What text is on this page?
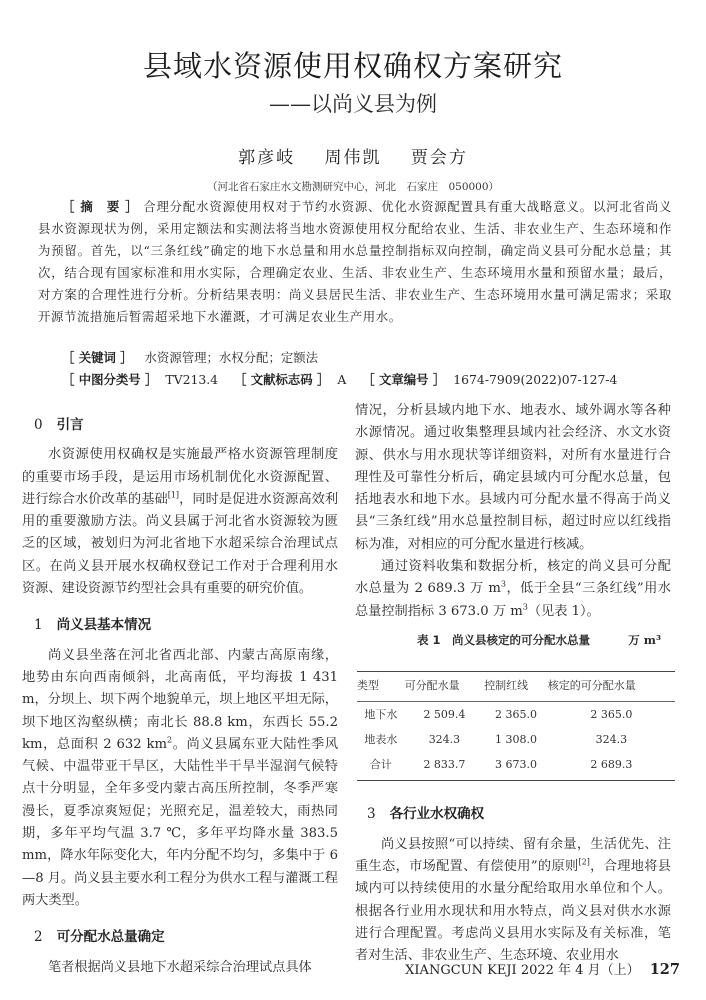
县域水资源使用权确权方案研究
——以尚义县为例
郭彦岐 周伟凯 贾会方
（河北省石家庄水文勘测研究中心，河北　石家庄　050000）
［ 摘　要 ］ 合理分配水资源使用权对于节约水资源、优化水资源配置具有重大战略意义。以河北省尚义县水资源现状为例，采用定额法和实测法将当地水资源使用权分配给农业、生活、非农业生产、生态环境和作为预留。首先，以“三条红线”确定的地下水总量和用水总量控制指标双向控制，确定尚义县可分配水总量；其次，结合现有国家标准和用水实际，合理确定农业、生活、非农业生产、生态环境用水量和预留水量；最后，对方案的合理性进行分析。分析结果表明：尚义县居民生活、非农业生产、生态环境用水量可满足需求；采取开源节流措施后暂需超采地下水灌溉，才可满足农业生产用水。
［ 关键词 ］ 水资源管理；水权分配；定额法
［ 中图分类号 ］ TV213.4 ［ 文献标志码 ］ A ［ 文章编号 ］ 1674-7909(2022)07-127-4
0 引言

水资源使用权确权是实施最严格水资源管理制度的重要市场手段，是运用市场机制优化水资源配置、进行综合水价改革的基础[1]，同时是促进水资源高效利用的重要激励方法。尚义县属于河北省水资源较为匮乏的区域，被划归为河北省地下水超采综合治理试点区。在尚义县开展水权确权登记工作对于合理利用水资源、建设资源节约型社会具有重要的研究价值。

1 尚义县基本情况

尚义县坐落在河北省西北部、内蒙古高原南缘，地势由东向西南倾斜，北高南低，平均海拔 1 431 m，分坝上、坝下两个地貌单元，坝上地区平坦无际，坝下地区沟壑纵横；南北长 88.8 km，东西长 55.2 km，总面积 2 632 $km^2$。尚义县属东亚大陆性季风气候、中温带亚干旱区，大陆性半干旱半湿润气候特点十分明显，全年多受内蒙古高压所控制，冬季严寒漫长，夏季凉爽短促；光照充足，温差较大，雨热同期，多年平均气温 3.7 ℃，多年平均降水量 383.5 mm，降水年际变化大，年内分配不均匀，多集中于 6—8 月。尚义县主要水利工程分为供水工程与灌溉工程两大类型。

2 可分配水总量确定

笔者根据尚义县地下水超采综合治理试点具体

情况，分析县域内地下水、地表水、域外调水等各种水源情况。通过收集整理县域内社会经济、水文水资源、供水与用水现状等详细资料，对所有水量进行合理性及可靠性分析后，确定县域内可分配水总量，包括地表水和地下水。县域内可分配水量不得高于尚义县“三条红线”用水总量控制目标，超过时应以红线指标为准，对相应的可分配水量进行核减。

通过资料收集和数据分析，核定的尚义县可分配水总量为 2 689.3 万 $m^3$，低于全县“三条红线”用水总量控制指标 3 673.0 万 $m^3$（见表 1）。

表 1　尚义县核定的可分配水总量	万 m³
类型	可分配水量	控制红线	核定的可分配水量
地下水	2 509.4	2 365.0	2 365.0
地表水	324.3	1 308.0	324.3
合计	2 833.7	3 673.0	2 689.3
3 各行业水权确权

尚义县按照“可以持续、留有余量，生活优先、注重生态，市场配置、有偿使用”的原则[2]，合理地将县域内可以持续使用的水量分配给取用水单位和个人。根据各行业用水现状和用水特点，尚义县对供水水源进行合理配置。考虑尚义县用水实际及有关标准，笔者对生活、非农业生产、生态环境、农业用水

XIANGCUN KEJI 2022 年 4 月（上） 127
